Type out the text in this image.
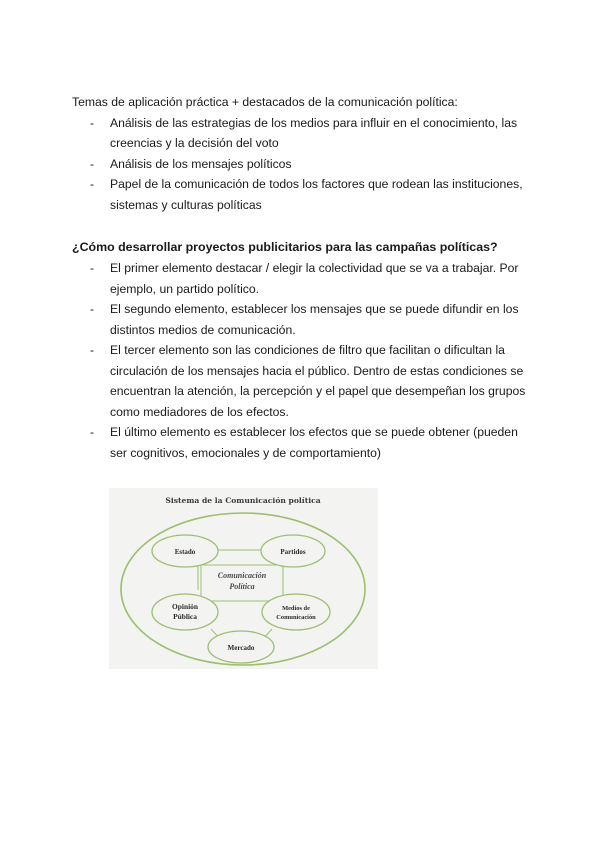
Temas de aplicación práctica + destacados de la comunicación política:
- Análisis de las estrategias de los medios para influir en el conocimiento, las
creencias y la decisión del voto
- Análisis de los mensajes políticos
- Papel de la comunicación de todos los factores que rodean las instituciones,
sistemas y culturas políticas
¿Cómo desarrollar proyectos publicitarios para las campañas políticas?
- El primer elemento destacar / elegir la colectividad que se va a trabajar. Por
ejemplo, un partido político.
- El segundo elemento, establecer los mensajes que se puede difundir en los
distintos medios de comunicación.
- El tercer elemento son las condiciones de filtro que facilitan o dificultan la
circulación de los mensajes hacia el público. Dentro de estas condiciones se
encuentran la atención, la percepción y el papel que desempeñan los grupos
como mediadores de los efectos.
- El último elemento es establecer los efectos que se puede obtener (pueden
ser cognitivos, emocionales y de comportamiento)
Sistema de la Comunicación política
Comunicación
Política
Estado	Partidos
Opinión
Pública
Medios de
Comunicación
Mercado
